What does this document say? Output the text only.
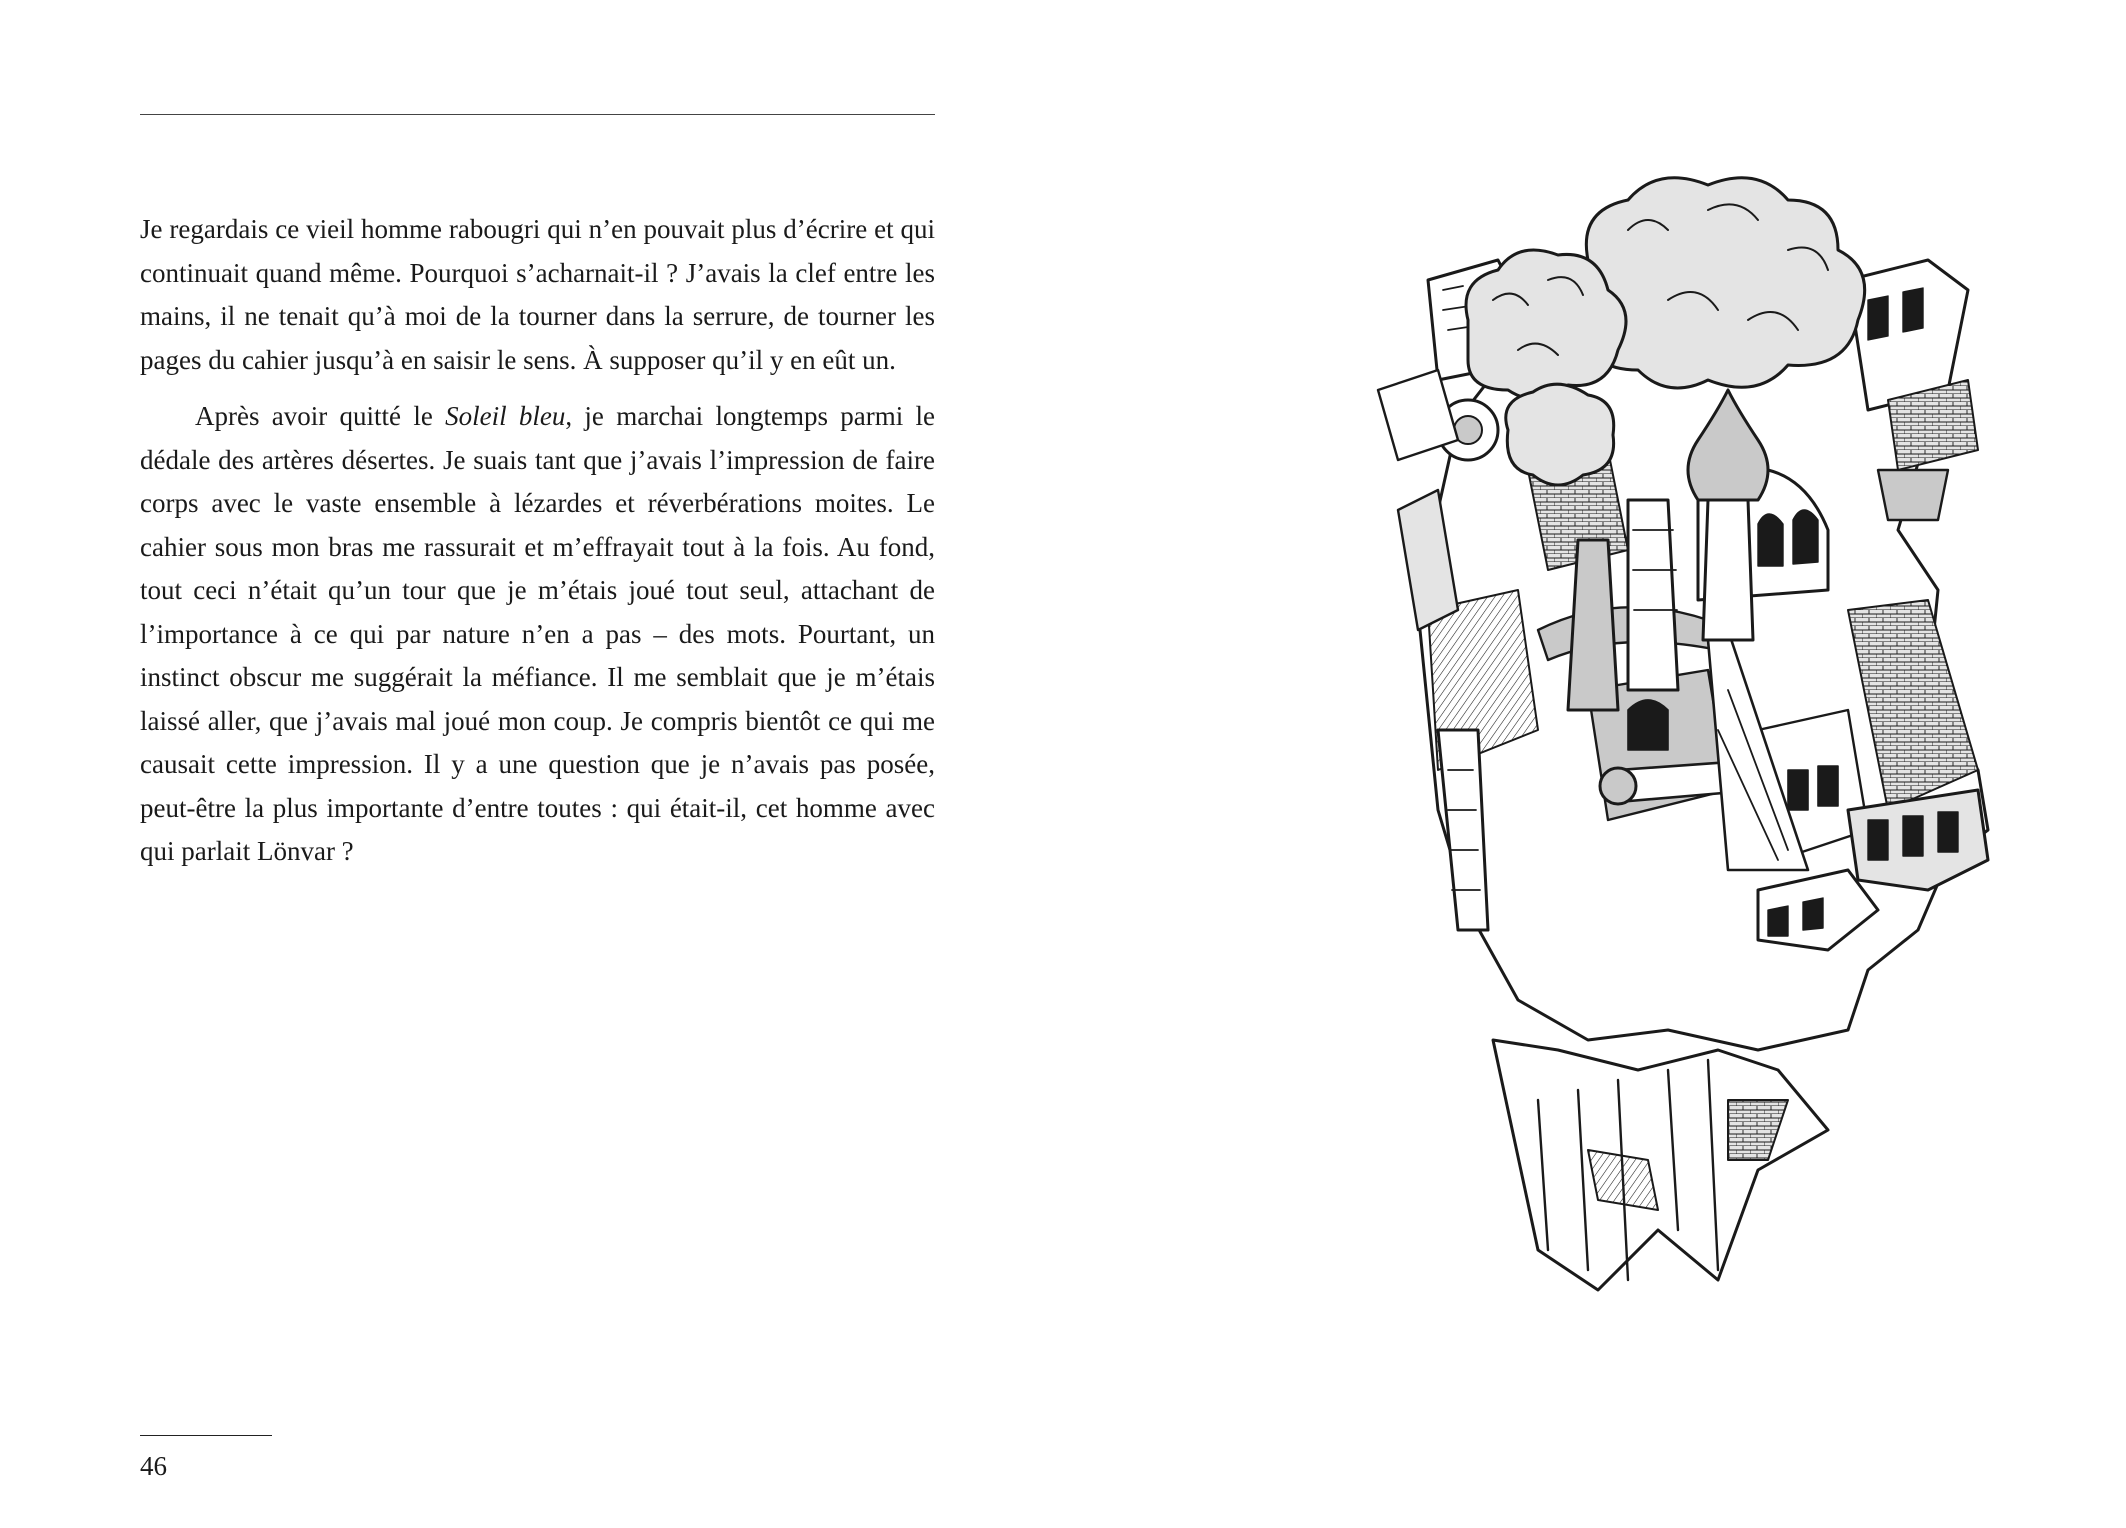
Je regardais ce vieil homme rabougri qui n’en pouvait plus d’écrire et qui continuait quand même. Pourquoi s’acharnait-il ? J’avais la clef entre les mains, il ne tenait qu’à moi de la tourner dans la serrure, de tourner les pages du cahier jusqu’à en saisir le sens. À supposer qu’il y en eût un.

Après avoir quitté le Soleil bleu, je marchai longtemps parmi le dédale des artères désertes. Je suais tant que j’avais l’impression de faire corps avec le vaste ensemble à lézardes et réverbérations moites. Le cahier sous mon bras me rassurait et m’effrayait tout à la fois. Au fond, tout ceci n’était qu’un tour que je m’étais joué tout seul, attachant de l’importance à ce qui par nature n’en a pas – des mots. Pourtant, un instinct obscur me suggérait la méfiance. Il me semblait que je m’étais laissé aller, que j’avais mal joué mon coup. Je compris bientôt ce qui me causait cette impression. Il y a une question que je n’avais pas posée, peut-être la plus importante d’entre toutes : qui était-il, cet homme avec qui parlait Lönvar ?

46
